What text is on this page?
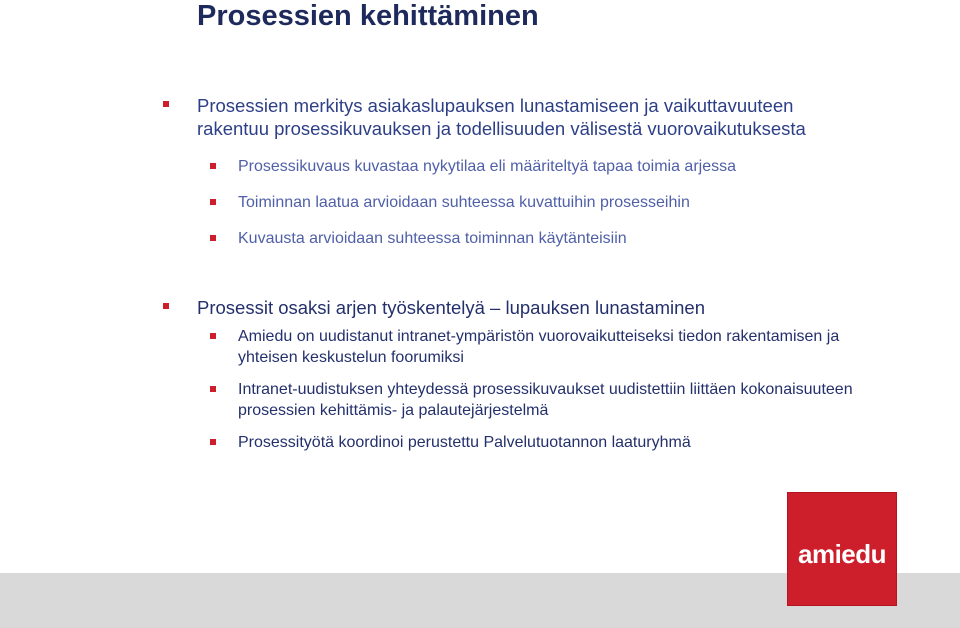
Prosessien kehittäminen

Prosessien merkitys asiakaslupauksen lunastamiseen ja vaikuttavuuteen rakentuu prosessikuvauksen ja todellisuuden välisestä vuorovaikutuksesta

Prosessikuvaus kuvastaa nykytilaa eli määriteltyä tapaa toimia arjessa

Toiminnan laatua arvioidaan suhteessa kuvattuihin prosesseihin

Kuvausta arvioidaan suhteessa toiminnan käytänteisiin

Prosessit osaksi arjen työskentelyä – lupauksen lunastaminen

Amiedu on uudistanut intranet-ympäristön vuorovaikutteiseksi tiedon rakentamisen ja yhteisen keskustelun foorumiksi

Intranet-uudistuksen yhteydessä prosessikuvaukset uudistettiin liittäen kokonaisuuteen prosessien kehittämis- ja palautejärjestelmä

Prosessityötä koordinoi perustettu Palvelutuotannon laaturyhmä

amiedu
